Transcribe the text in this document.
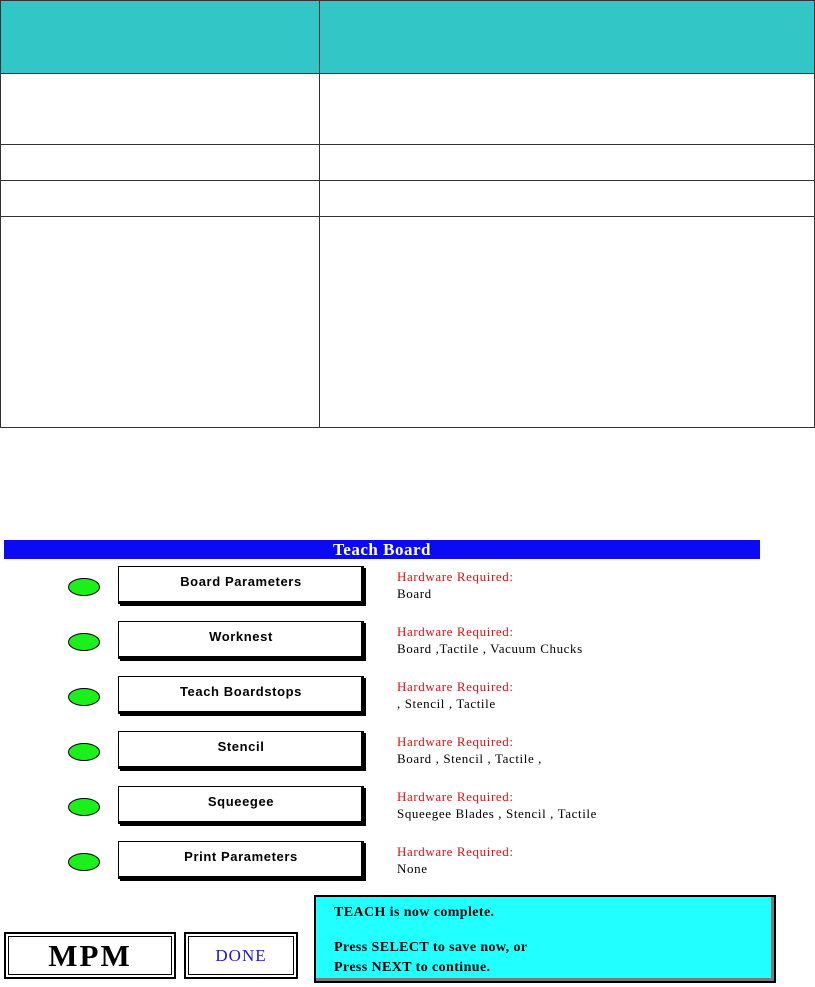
Teach Board
Board Parameters	Hardware Required:
Board
Worknest	Hardware Required:
Board ,Tactile , Vacuum Chucks
Teach Boardstops	Hardware Required:
, Stencil , Tactile
Stencil	Hardware Required:
Board , Stencil , Tactile ,
Squeegee	Hardware Required:
Squeegee Blades , Stencil , Tactile
Print Parameters	Hardware Required:
None
MPM	DONE
TEACH is now complete.
Press SELECT to save now, or
Press NEXT to continue.
